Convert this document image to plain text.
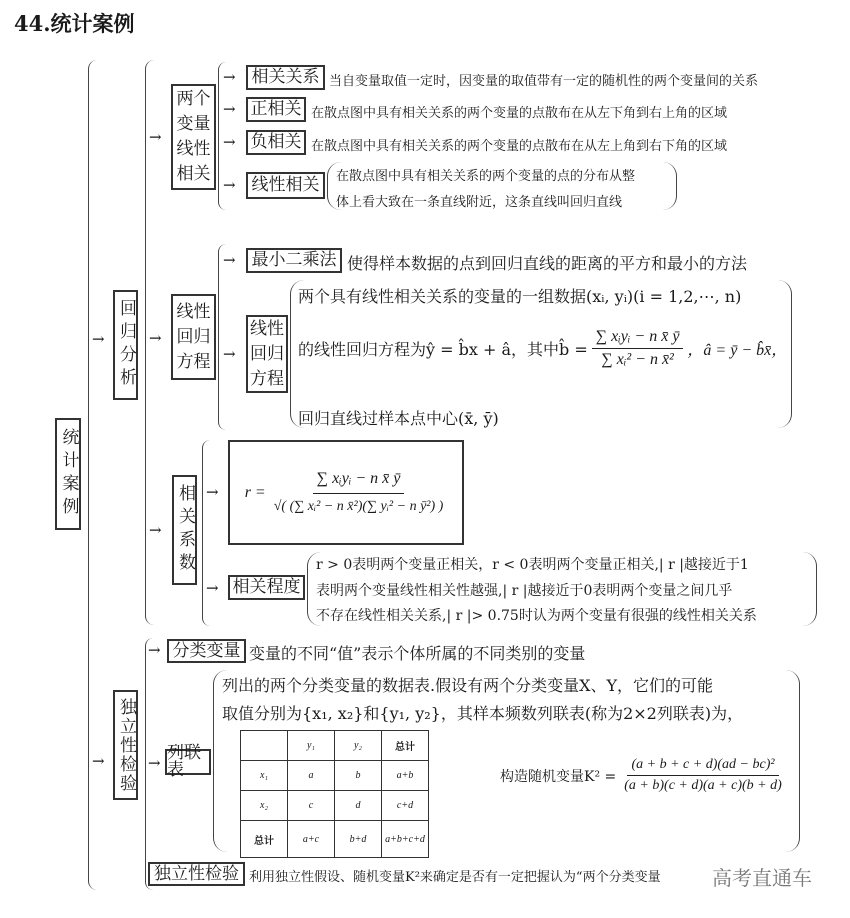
44.统计案例
统计案例
→ 回归分析
→
两个变量线性相关
→ 相关关系 当自变量取值一定时，因变量的取值带有一定的随机性的两个变量间的关系
→ 正相关 在散点图中具有相关关系的两个变量的点散布在从左下角到右上角的区域
→ 负相关 在散点图中具有相关关系的两个变量的点散布在从左上角到右下角的区域
→ 线性相关 在散点图中具有相关关系的两个变量的点的分布从整
体上看大致在一条直线附近，这条直线叫回归直线
→
线性回归方程
→ 最小二乘法 使得样本数据的点到回归直线的距离的平方和最小的方法
→
线性回归方程
两个具有线性相关关系的变量的一组数据(xᵢ, yᵢ)(i = 1,2,⋯, n)
的线性回归方程为ŷ = b̂x + â，其中b̂ = $\frac{\text{∑ xᵢyᵢ − n x̄ ȳ}}{\text{∑ xᵢ² − n x̄²}}$ ，â = ȳ − b̂x̄，
回归直线过样本点中心(x̄, ȳ)
→ 相关系数 → $r = \frac{\text{∑ xᵢyᵢ − n x̄ ȳ}}{\text{√( (∑ xᵢ² − n x̄²)(∑ yᵢ² − n ȳ²) )}}$
→ 相关程度
r > 0表明两个变量正相关，r < 0表明两个变量正相关,| r |越接近于1
表明两个变量线性相关性越强,| r |越接近于0表明两个变量之间几乎
不存在线性相关关系,| r |> 0.75时认为两个变量有很强的线性相关关系
→ 独立性检验
→ 分类变量 变量的不同“值”表示个体所属的不同类别的变量
→ 列联表
列出的两个分类变量的数据表.假设有两个分类变量X、Y，它们的可能
取值分别为{x₁, x₂}和{y₁, y₂}，其样本频数列联表(称为2×2列联表)为，
	y₁	y₂	总计
x₁	a	b	a+b
x₂	c	d	c+d
总计	a+c	b+d	a+b+c+d
构造随机变量$K^2 = \frac{\text{(a + b + c + d)(ad − bc)²}}{(a + b)(c + d)(a + c)(b + d)}$
独立性检验 利用独立性假设、随机变量K²来确定是否有一定把握认为“两个分类变量	高考直通车
